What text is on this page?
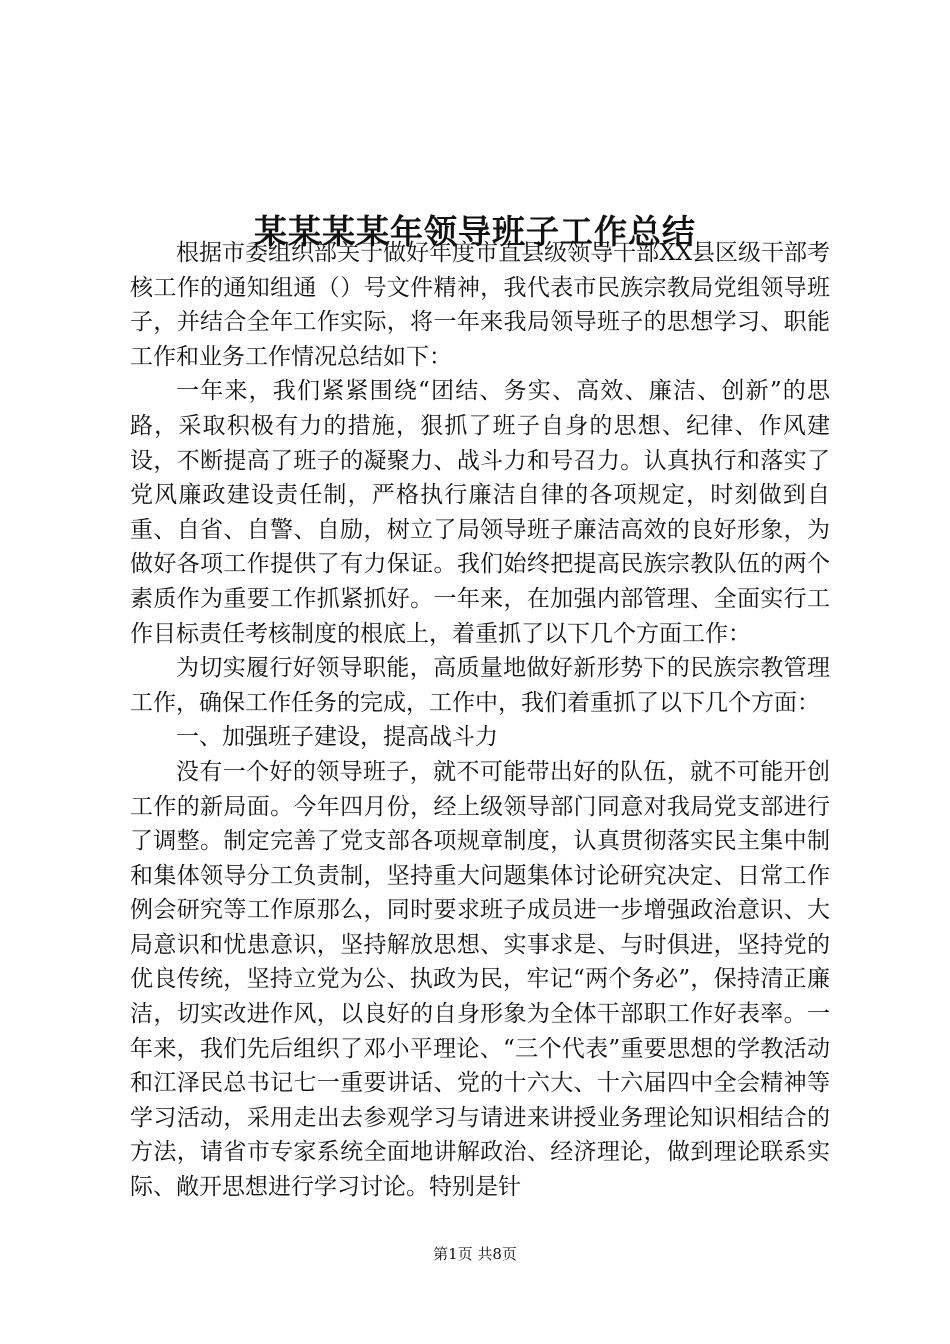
某某某某年领导班子工作总结

根据市委组织部关于做好年度市直县级领导干部XX县区级干部考核工作的通知组通（）号文件精神，我代表市民族宗教局党组领导班子，并结合全年工作实际，将一年来我局领导班子的思想学习、职能工作和业务工作情况总结如下：

一年来，我们紧紧围绕“团结、务实、高效、廉洁、创新”的思路，采取积极有力的措施，狠抓了班子自身的思想、纪律、作风建设，不断提高了班子的凝聚力、战斗力和号召力。认真执行和落实了党风廉政建设责任制，严格执行廉洁自律的各项规定，时刻做到自重、自省、自警、自励，树立了局领导班子廉洁高效的良好形象，为做好各项工作提供了有力保证。我们始终把提高民族宗教队伍的两个素质作为重要工作抓紧抓好。一年来，在加强内部管理、全面实行工作目标责任考核制度的根底上，着重抓了以下几个方面工作：

为切实履行好领导职能，高质量地做好新形势下的民族宗教管理工作，确保工作任务的完成，工作中，我们着重抓了以下几个方面：

一、加强班子建设，提高战斗力

没有一个好的领导班子，就不可能带出好的队伍，就不可能开创工作的新局面。今年四月份，经上级领导部门同意对我局党支部进行了调整。制定完善了党支部各项规章制度，认真贯彻落实民主集中制和集体领导分工负责制，坚持重大问题集体讨论研究决定、日常工作例会研究等工作原那么，同时要求班子成员进一步增强政治意识、大局意识和忧患意识，坚持解放思想、实事求是、与时俱进，坚持党的优良传统，坚持立党为公、执政为民，牢记“两个务必”，保持清正廉洁，切实改进作风，以良好的自身形象为全体干部职工作好表率。一年来，我们先后组织了邓小平理论、“三个代表”重要思想的学教活动和江泽民总书记七一重要讲话、党的十六大、十六届四中全会精神等学习活动，采用走出去参观学习与请进来讲授业务理论知识相结合的方法，请省市专家系统全面地讲解政治、经济理论，做到理论联系实际、敞开思想进行学习讨论。特别是针

第1页 共8页
